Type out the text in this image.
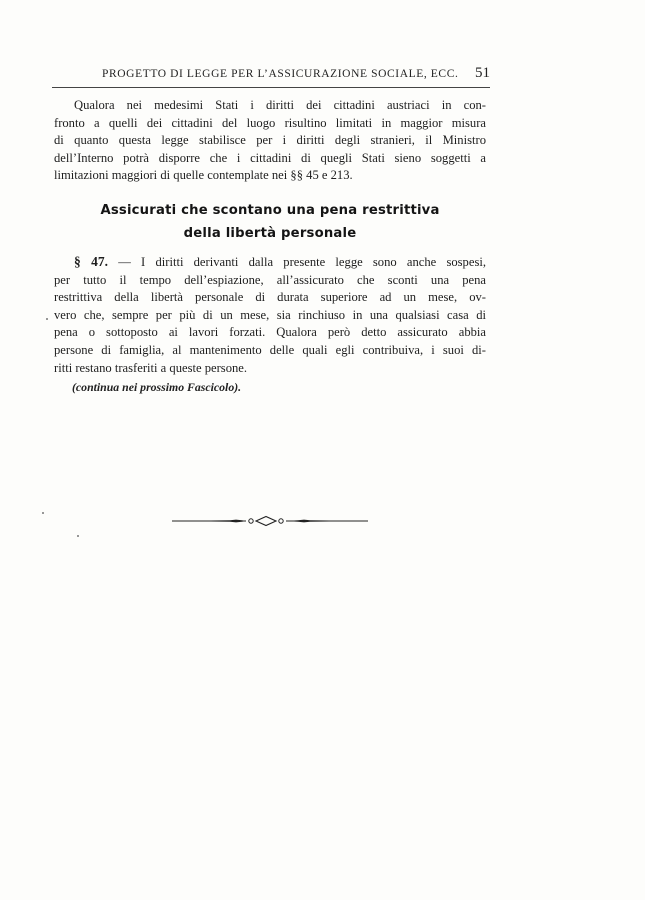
PROGETTO DI LEGGE PER L’ASSICURAZIONE SOCIALE, ECC. 51
Qualora nei medesimi Stati i diritti dei cittadini austriaci in con-
fronto a quelli dei cittadini del luogo risultino limitati in maggior misura
di quanto questa legge stabilisce per i diritti degli stranieri, il Ministro
dell’Interno potrà disporre che i cittadini di quegli Stati sieno soggetti a
limitazioni maggiori di quelle contemplate nei §§ 45 e 213.
Assicurati che scontano una pena restrittiva
della libertà personale
§ 47. — I diritti derivanti dalla presente legge sono anche sospesi,
per tutto il tempo dell’espiazione, all’assicurato che sconti una pena
restrittiva della libertà personale di durata superiore ad un mese, ov-
vero che, sempre per più di un mese, sia rinchiuso in una qualsiasi casa di
pena o sottoposto ai lavori forzati. Qualora però detto assicurato abbia
persone di famiglia, al mantenimento delle quali egli contribuiva, i suoi di-
ritti restano trasferiti a queste persone.
(continua nei prossimo Fascicolo).
